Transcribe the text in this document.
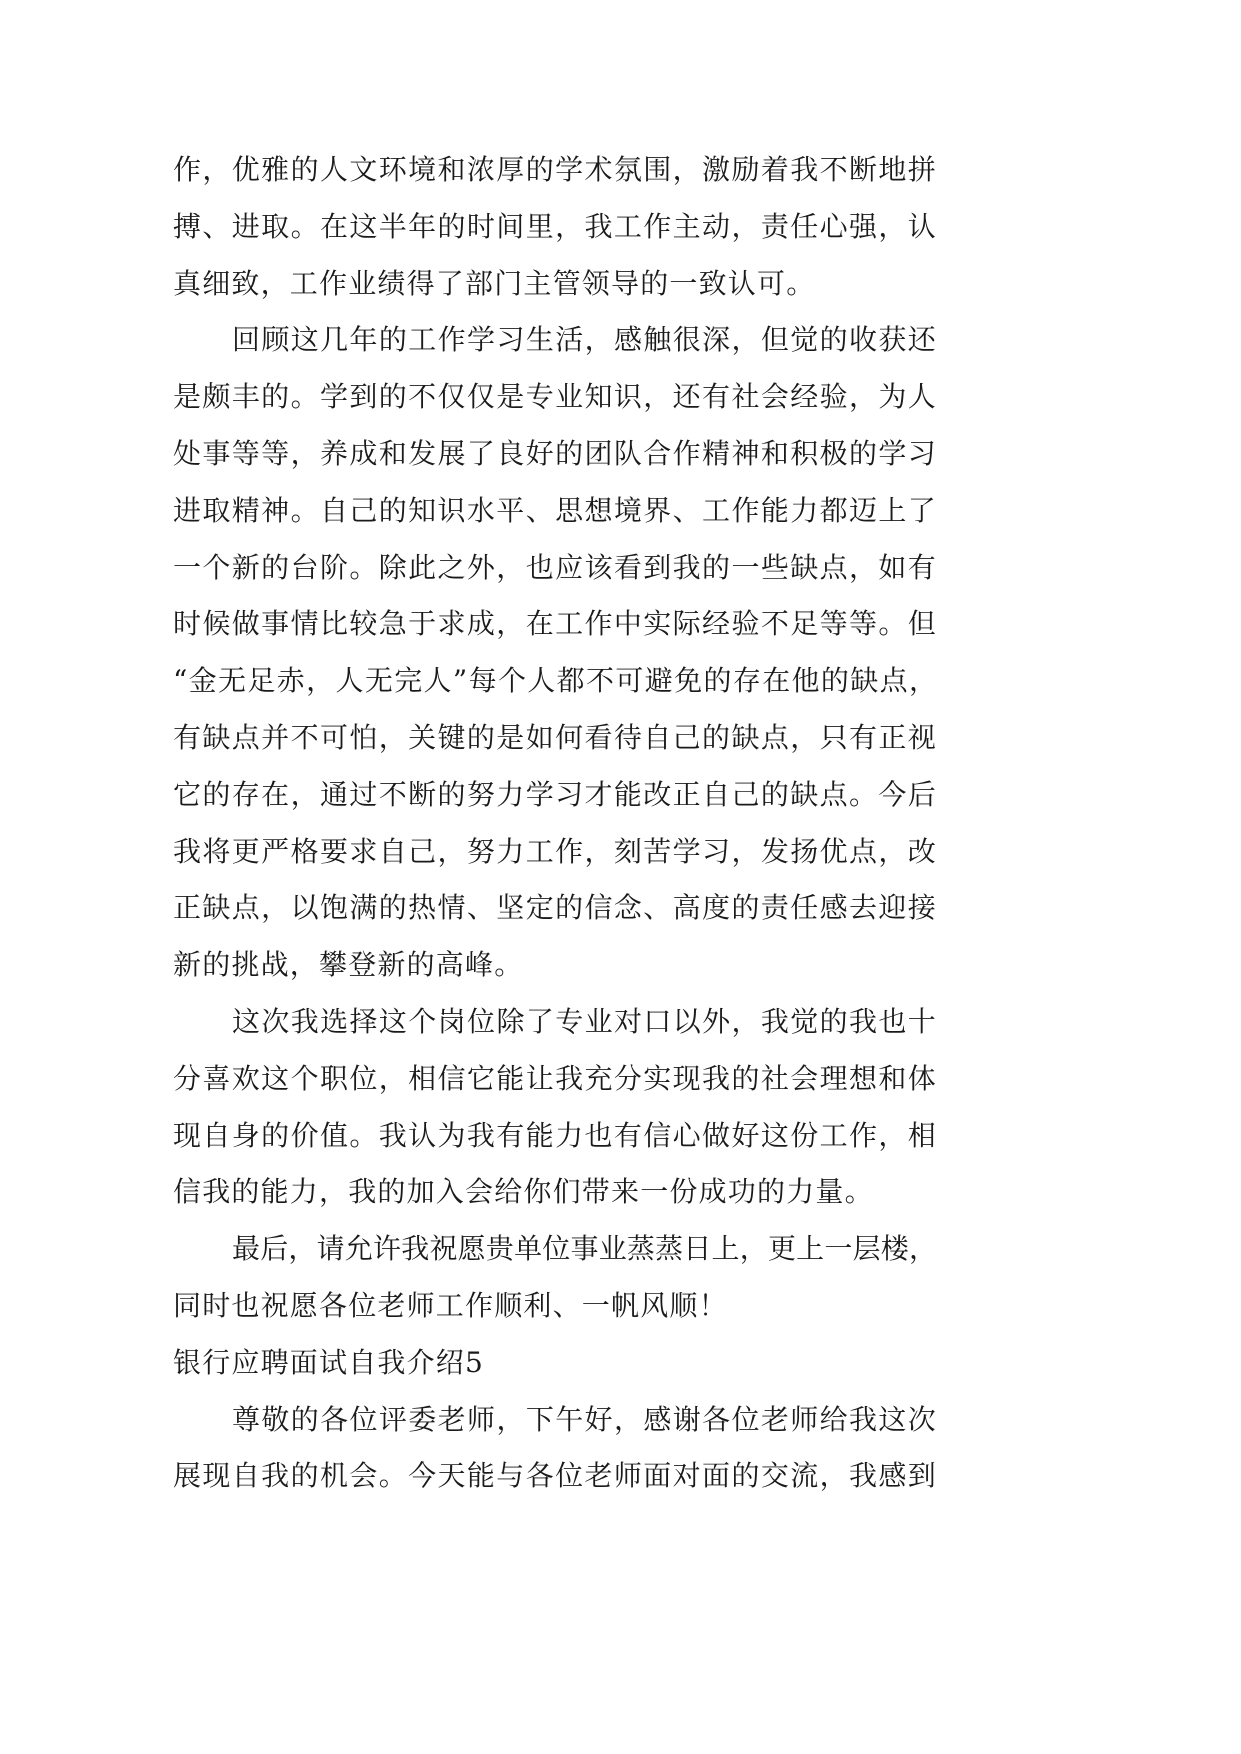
作，优雅的人文环境和浓厚的学术氛围，激励着我不断地拼
搏、进取。在这半年的时间里，我工作主动，责任心强，认
真细致，工作业绩得了部门主管领导的一致认可。
回顾这几年的工作学习生活，感触很深，但觉的收获还
是颇丰的。学到的不仅仅是专业知识，还有社会经验，为人
处事等等，养成和发展了良好的团队合作精神和积极的学习
进取精神。自己的知识水平、思想境界、工作能力都迈上了
一个新的台阶。除此之外，也应该看到我的一些缺点，如有
时候做事情比较急于求成，在工作中实际经验不足等等。但
“金无足赤，人无完人”每个人都不可避免的存在他的缺点，
有缺点并不可怕，关键的是如何看待自己的缺点，只有正视
它的存在，通过不断的努力学习才能改正自己的缺点。今后
我将更严格要求自己，努力工作，刻苦学习，发扬优点，改
正缺点，以饱满的热情、坚定的信念、高度的责任感去迎接
新的挑战，攀登新的高峰。
这次我选择这个岗位除了专业对口以外，我觉的我也十
分喜欢这个职位，相信它能让我充分实现我的社会理想和体
现自身的价值。我认为我有能力也有信心做好这份工作，相
信我的能力，我的加入会给你们带来一份成功的力量。
最后，请允许我祝愿贵单位事业蒸蒸日上，更上一层楼，
同时也祝愿各位老师工作顺利、一帆风顺！
银行应聘面试自我介绍5
尊敬的各位评委老师，下午好，感谢各位老师给我这次
展现自我的机会。今天能与各位老师面对面的交流，我感到
